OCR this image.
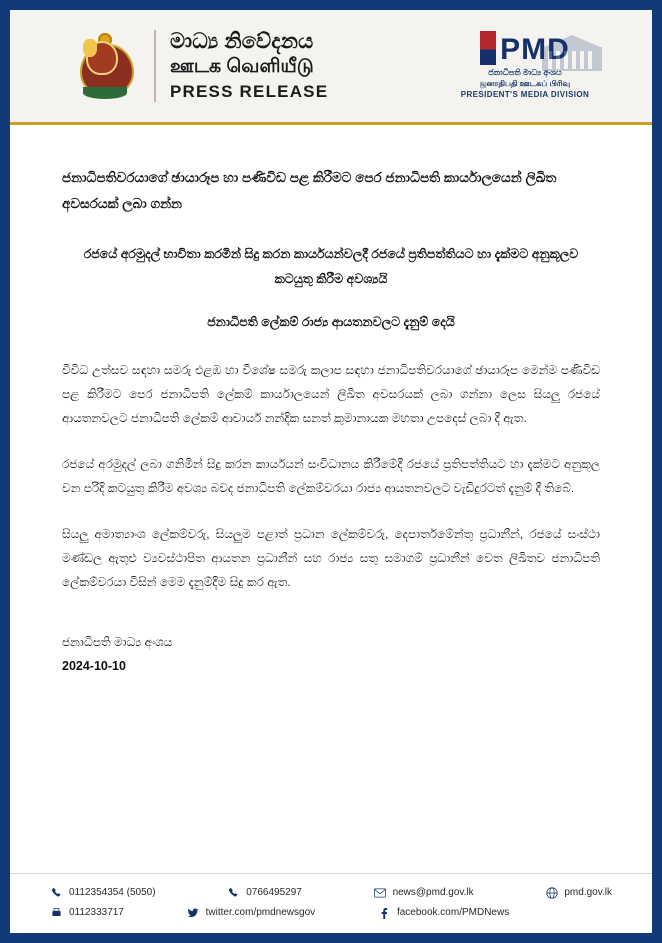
මාධ්‍ය නිවේදනය
ஊடக வெளியீடு
PRESS RELEASE
PMD
ජනාධිපති මාධ්‍ය අංශය
ஜனாதிபதி ஊடகப் பிரிவு
PRESIDENT'S MEDIA DIVISION
ජනාධිපතිවරයාගේ ඡායාරූප හා පණිවිඩ පළ කිරීමට පෙර ජනාධිපති කාර්යාලයෙන් ලිඛිත අවසරයක් ලබා ගන්න
රජයේ අරමුදල් භාවිතා කරමින් සිදු කරන කාර්යයන්වලදී රජයේ ප්‍රතිපත්තියට හා දැක්මට අනුකූලව කටයුතු කිරීම අවශ්‍යයි
ජනාධිපති ලේකම් රාජ්‍ය ආයතනවලට දැනුම් දෙයි

විවිධ උත්සව සඳහා සමරු එළඹ හා විශේෂ සමරු කලාප සඳහා ජනාධිපතිවරයාගේ ඡායාරූප මෙන්ම පණිවිඩ පළ කිරීමට පෙර ජනාධිපති ලේකම් කාර්යාලයෙන් ලිඛිත අවසරයක් ලබා ගන්නා ලෙස සියලු රජයේ ආයතනවලට ජනාධිපති ලේකම් ආචාර්ය නන්දික සනත් කුමානායක මහතා උපදෙස් ලබා දී ඇත.

රජයේ අරමුදල් ලබා ගනිමින් සිදු කරන කාර්යයන් සංවිධානය කිරීමේදී රජයේ ප්‍රතිපත්තියට හා දැක්මට අනුකූල වන පරිදි කටයුතු කිරීම අවශ්‍ය බවද ජනාධිපති ලේකම්වරයා රාජ්‍ය ආයතනවලට වැඩිදුරටත් දැනුම් දී තිබේ.

සියලු අමාත්‍යාංශ ලේකම්වරු, සියලුම පළාත් ප්‍රධාන ලේකම්වරු, දෙපාර්තමේන්තු ප්‍රධානීන්, රජයේ සංස්ථා මණ්ඩල ඇතුළු ව්‍යවස්ථාපිත ආයතන ප්‍රධානීන් සහ රාජ්‍ය සතු සමාගම් ප්‍රධානීන් වෙත ලිඛිතව ජනාධිපති ලේකම්වරයා විසින් මෙම දැනුම්දීම සිදු කර ඇත.

ජනාධිපති මාධ්‍ය අංශය
2024-10-10
0112354354 (5050)	0766495297	news@pmd.gov.lk	pmd.gov.lk
0112333717	twitter.com/pmdnewsgov	facebook.com/PMDNews
